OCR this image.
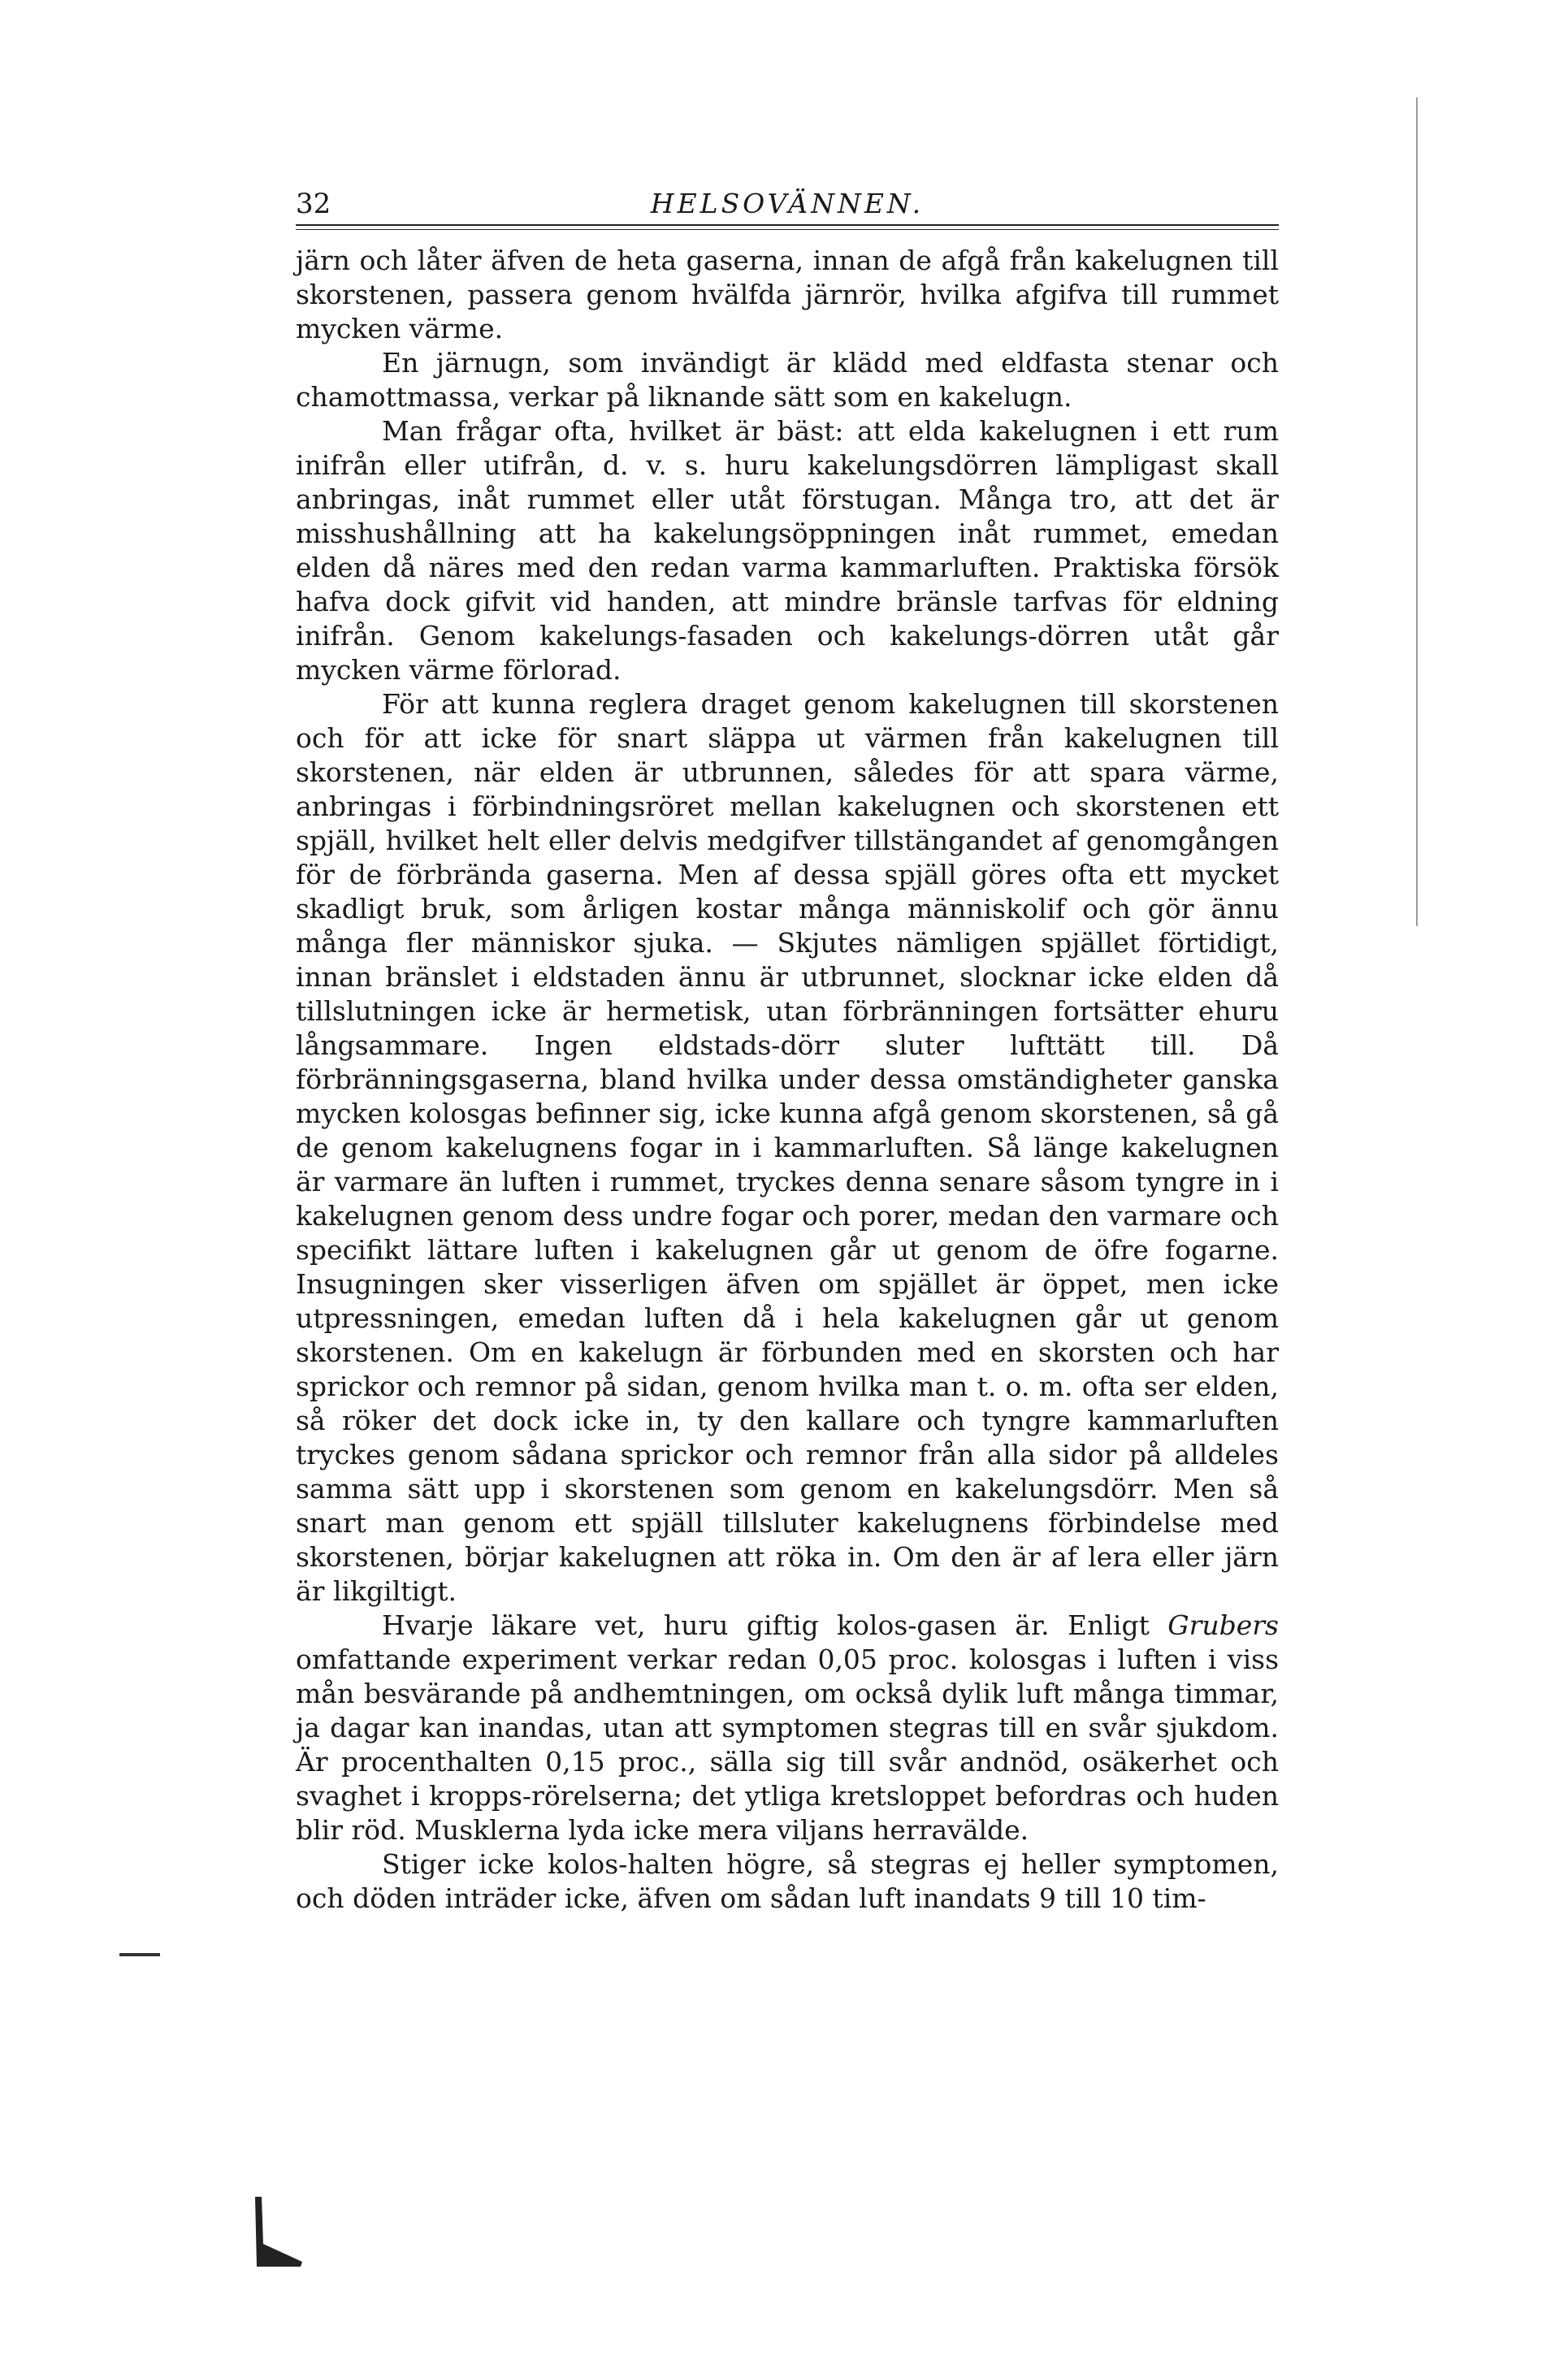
32	HELSOVÄNNEN.

järn och låter äfven de heta gaserna, innan de afgå från kakelugnen till skorstenen, passera genom hvälfda järnrör, hvilka afgifva till rummet mycken värme.

En järnugn, som invändigt är klädd med eldfasta stenar och chamottmassa, verkar på liknande sätt som en kakelugn.

Man frågar ofta, hvilket är bäst: att elda kakelugnen i ett rum inifrån eller utifrån, d. v. s. huru kakelungsdörren lämpligast skall anbringas, inåt rummet eller utåt förstugan. Många tro, att det är misshushållning att ha kakelungsöppningen inåt rummet, emedan elden då näres med den redan varma kammarluften. Praktiska försök hafva dock gifvit vid handen, att mindre bränsle tarfvas för eldning inifrån. Genom kakelungs-fasaden och kakelungs-dörren utåt går mycken värme förlorad.

För att kunna reglera draget genom kakelugnen till skorstenen och för att icke för snart släppa ut värmen från kakelugnen till skorstenen, när elden är utbrunnen, således för att spara värme, anbringas i förbindningsröret mellan kakelugnen och skorstenen ett spjäll, hvilket helt eller delvis medgifver tillstängandet af genomgången för de förbrända gaserna. Men af dessa spjäll göres ofta ett mycket skadligt bruk, som årligen kostar många människolif och gör ännu många fler människor sjuka. — Skjutes nämligen spjället förtidigt, innan bränslet i eldstaden ännu är utbrunnet, slocknar icke elden då tillslutningen icke är hermetisk, utan förbränningen fortsätter ehuru långsammare. Ingen eldstads-dörr sluter lufttätt till. Då förbränningsgaserna, bland hvilka under dessa omständigheter ganska mycken kolosgas befinner sig, icke kunna afgå genom skorstenen, så gå de genom kakelugnens fogar in i kammarluften. Så länge kakelugnen är varmare än luften i rummet, tryckes denna senare såsom tyngre in i kakelugnen genom dess undre fogar och porer, medan den varmare och specifikt lättare luften i kakelugnen går ut genom de öfre fogarne. Insugningen sker visserligen äfven om spjället är öppet, men icke utpressningen, emedan luften då i hela kakelugnen går ut genom skorstenen. Om en kakelugn är förbunden med en skorsten och har sprickor och remnor på sidan, genom hvilka man t. o. m. ofta ser elden, så röker det dock icke in, ty den kallare och tyngre kammarluften tryckes genom sådana sprickor och remnor från alla sidor på alldeles samma sätt upp i skorstenen som genom en kakelungsdörr. Men så snart man genom ett spjäll tillsluter kakelugnens förbindelse med skorstenen, börjar kakelugnen att röka in. Om den är af lera eller järn är likgiltigt.

Hvarje läkare vet, huru giftig kolos-gasen är. Enligt Grubers omfattande experiment verkar redan 0,05 proc. kolosgas i luften i viss mån besvärande på andhemtningen, om också dylik luft många timmar, ja dagar kan inandas, utan att symptomen stegras till en svår sjukdom. Är procenthalten 0,15 proc., sälla sig till svår andnöd, osäkerhet och svaghet i kropps-rörelserna; det ytliga kretsloppet befordras och huden blir röd. Musklerna lyda icke mera viljans herravälde.

Stiger icke kolos-halten högre, så stegras ej heller symptomen, och döden inträder icke, äfven om sådan luft inandats 9 till 10 tim-
